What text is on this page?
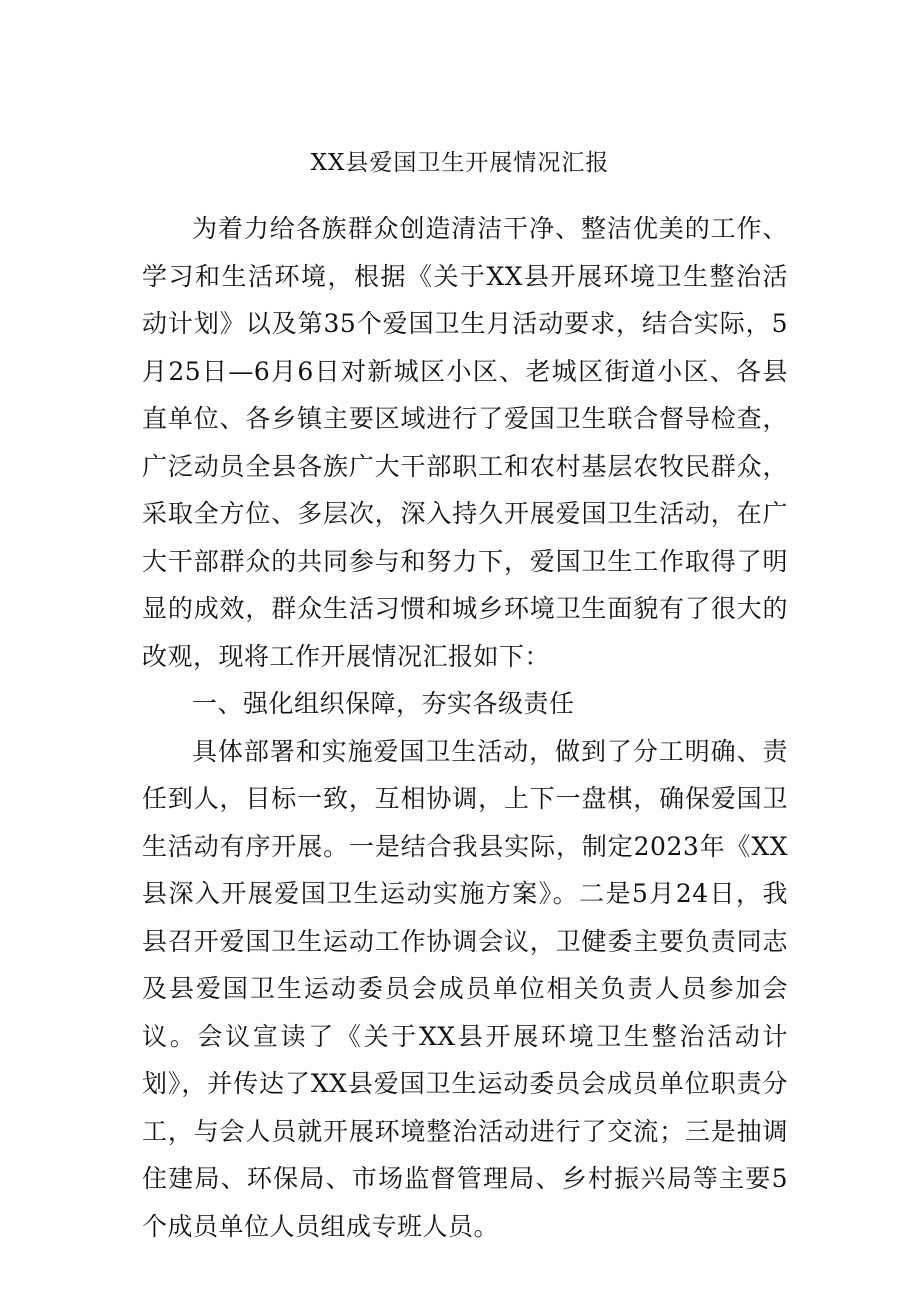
XX县爱国卫生开展情况汇报

为着力给各族群众创造清洁干净、整洁优美的工作、学习和生活环境，根据《关于XX县开展环境卫生整治活动计划》以及第35个爱国卫生月活动要求，结合实际，5月25日—6月6日对新城区小区、老城区街道小区、各县直单位、各乡镇主要区域进行了爱国卫生联合督导检查，广泛动员全县各族广大干部职工和农村基层农牧民群众，采取全方位、多层次，深入持久开展爱国卫生活动，在广大干部群众的共同参与和努力下，爱国卫生工作取得了明显的成效，群众生活习惯和城乡环境卫生面貌有了很大的改观，现将工作开展情况汇报如下：

一、强化组织保障，夯实各级责任

具体部署和实施爱国卫生活动，做到了分工明确、责任到人，目标一致，互相协调，上下一盘棋，确保爱国卫生活动有序开展。一是结合我县实际，制定2023年《XX县深入开展爱国卫生运动实施方案》。二是5月24日，我县召开爱国卫生运动工作协调会议，卫健委主要负责同志及县爱国卫生运动委员会成员单位相关负责人员参加会议。会议宣读了《关于XX县开展环境卫生整治活动计划》，并传达了XX县爱国卫生运动委员会成员单位职责分工，与会人员就开展环境整治活动进行了交流；三是抽调住建局、环保局、市场监督管理局、乡村振兴局等主要5个成员单位人员组成专班人员。
